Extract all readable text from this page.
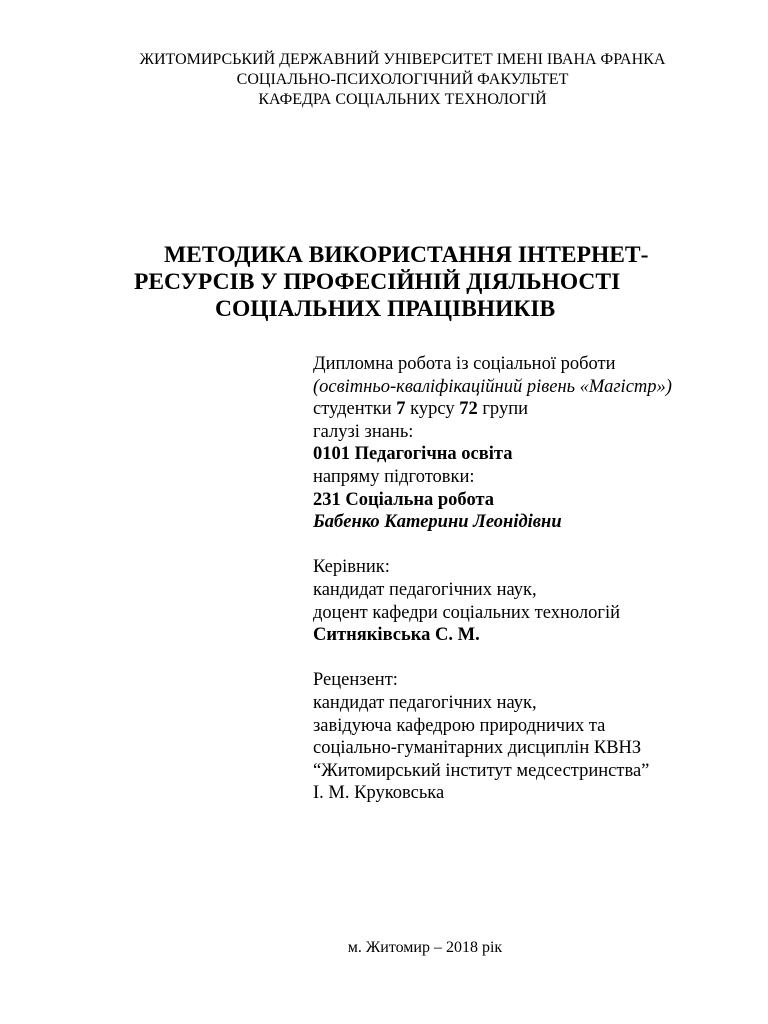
ЖИТОМИРСЬКИЙ ДЕРЖАВНИЙ УНІВЕРСИТЕТ ІМЕНІ ІВАНА ФРАНКА
СОЦІАЛЬНО-ПСИХОЛОГІЧНИЙ ФАКУЛЬТЕТ
КАФЕДРА СОЦІАЛЬНИХ ТЕХНОЛОГІЙ
МЕТОДИКА ВИКОРИСТАННЯ ІНТЕРНЕТ-
РЕСУРСІВ У ПРОФЕСІЙНІЙ ДІЯЛЬНОСТІ
СОЦІАЛЬНИХ ПРАЦІВНИКІВ
Дипломна робота із соціальної роботи
(освітньо-кваліфікаційний рівень «Магістр»)
студентки 7 курсу 72 групи
галузі знань:
0101 Педагогічна освіта
напряму підготовки:
231 Соціальна робота
Бабенко Катерини Леонідівни
Керівник:
кандидат педагогічних наук,
доцент кафедри соціальних технологій
Ситняківська С. М.
Рецензент:
кандидат педагогічних наук,
завідуюча кафедрою природничих та
соціально-гуманітарних дисциплін КВНЗ
“Житомирський інститут медсестринства”
І. М. Круковська
м. Житомир – 2018 рік
